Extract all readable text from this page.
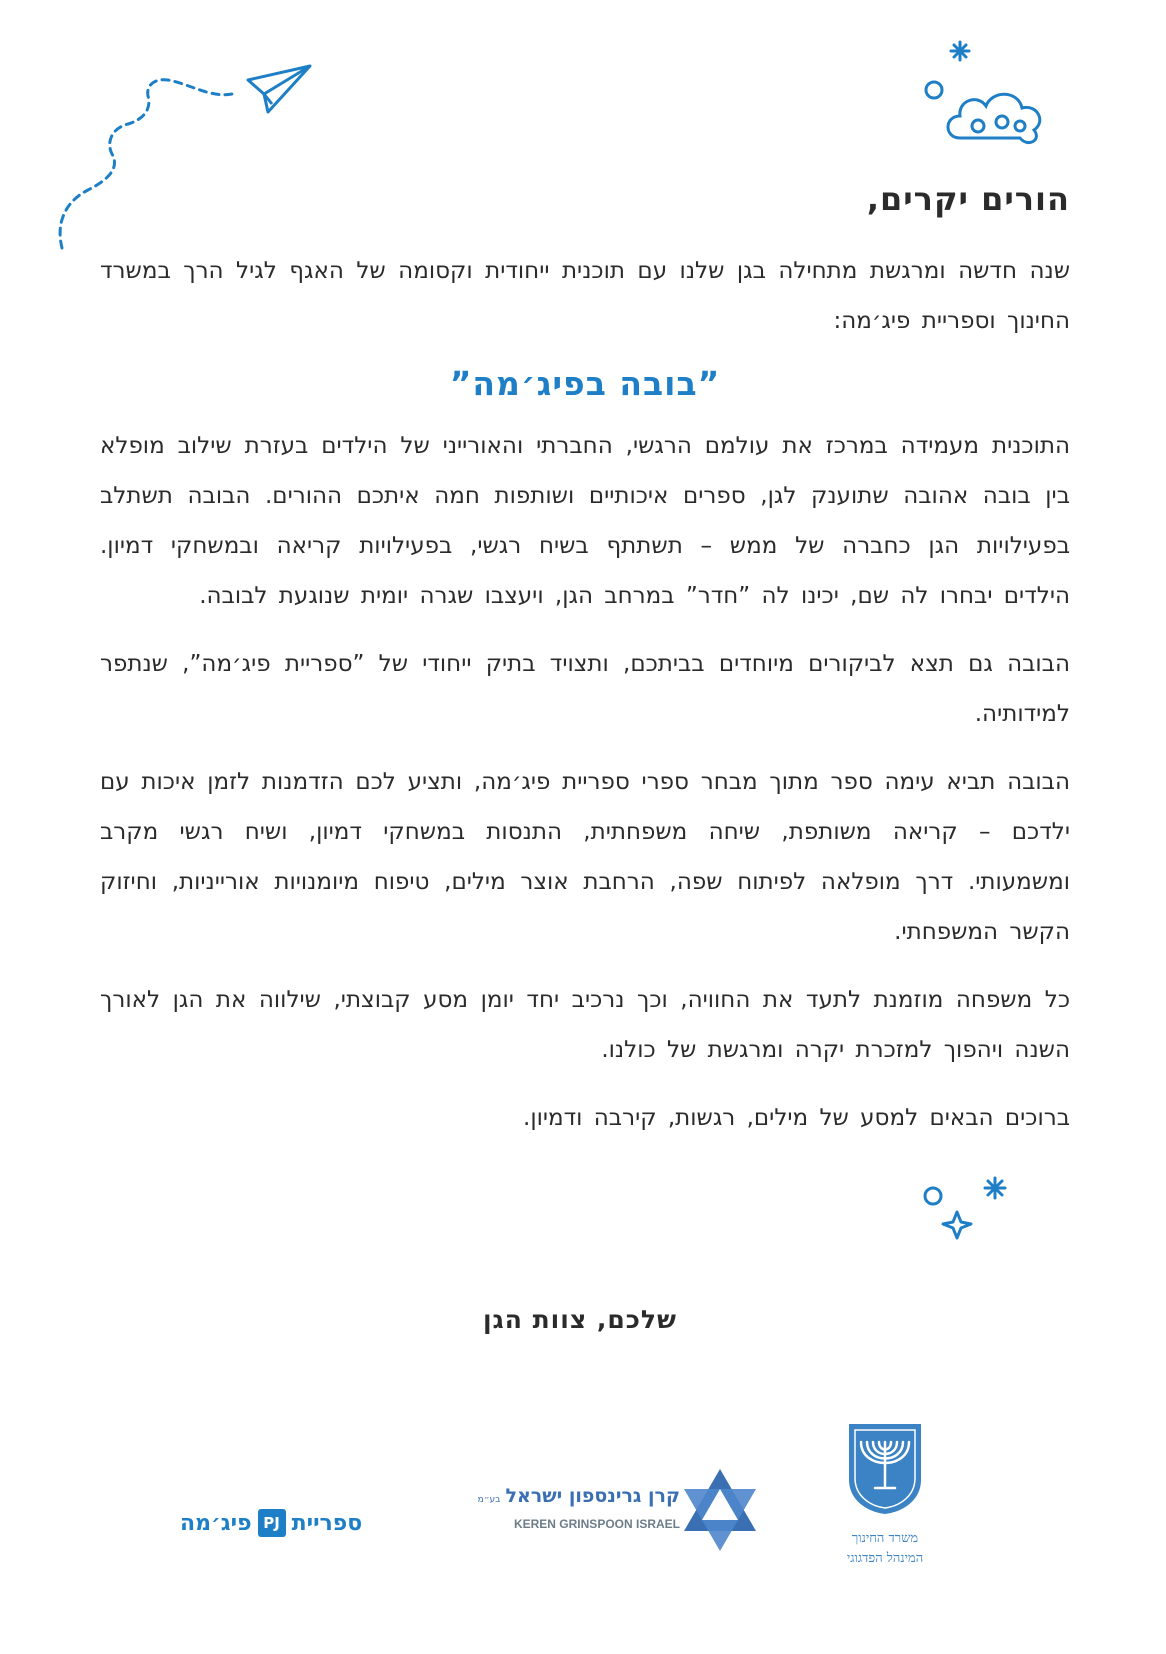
הורים יקרים,

שנה חדשה ומרגשת מתחילה בגן שלנו עם תוכנית ייחודית וקסומה של האגף לגיל הרך במשרד החינוך וספריית פיג׳מה:

”בובה בפיג׳מה”

התוכנית מעמידה במרכז את עולמם הרגשי, החברתי והאורייני של הילדים בעזרת שילוב מופלא בין בובה אהובה שתוענק לגן, ספרים איכותיים ושותפות חמה איתכם ההורים. הבובה תשתלב בפעילויות הגן כחברה של ממש – תשתתף בשיח רגשי, בפעילויות קריאה ובמשחקי דמיון. הילדים יבחרו לה שם, יכינו לה ”חדר” במרחב הגן, ויעצבו שגרה יומית שנוגעת לבובה.

הבובה גם תצא לביקורים מיוחדים בביתכם, ותצויד בתיק ייחודי של ”ספריית פיג׳מה”, שנתפר למידותיה.

הבובה תביא עימה ספר מתוך מבחר ספרי ספריית פיג׳מה, ותציע לכם הזדמנות לזמן איכות עם ילדכם – קריאה משותפת, שיחה משפחתית, התנסות במשחקי דמיון, ושיח רגשי מקרב ומשמעותי. דרך מופלאה לפיתוח שפה, הרחבת אוצר מילים, טיפוח מיומנויות אורייניות, וחיזוק הקשר המשפחתי.

כל משפחה מוזמנת לתעד את החוויה, וכך נרכיב יחד יומן מסע קבוצתי, שילווה את הגן לאורך השנה ויהפוך למזכרת יקרה ומרגשת של כולנו.

ברוכים הבאים למסע של מילים, רגשות, קירבה ודמיון.

שלכם, צוות הגן
ספריית
PJ
פיג׳מה
קרן גרינספון ישראל בע״מ
KEREN GRINSPOON ISRAEL
משרד החינוך
המינהל הפדגוגי
